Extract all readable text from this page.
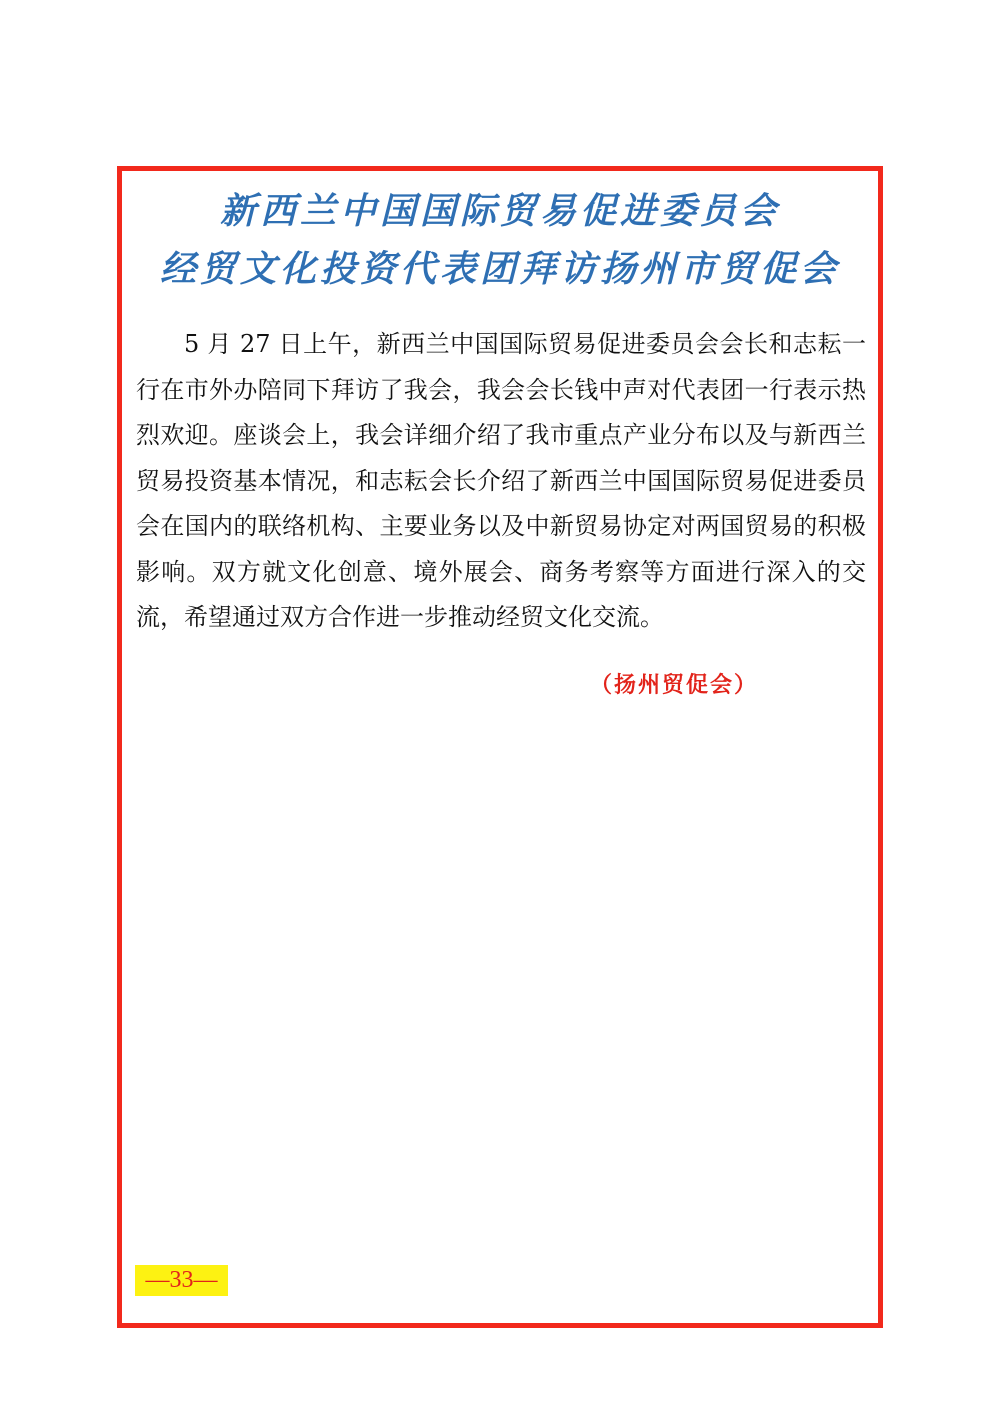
新西兰中国国际贸易促进委员会
经贸文化投资代表团拜访扬州市贸促会

5 月 27 日上午，新西兰中国国际贸易促进委员会会长和志耘一行在市外办陪同下拜访了我会，我会会长钱中声对代表团一行表示热烈欢迎。座谈会上，我会详细介绍了我市重点产业分布以及与新西兰贸易投资基本情况，和志耘会长介绍了新西兰中国国际贸易促进委员会在国内的联络机构、主要业务以及中新贸易协定对两国贸易的积极影响。双方就文化创意、境外展会、商务考察等方面进行深入的交流，希望通过双方合作进一步推动经贸文化交流。

（扬州贸促会）
—33—
